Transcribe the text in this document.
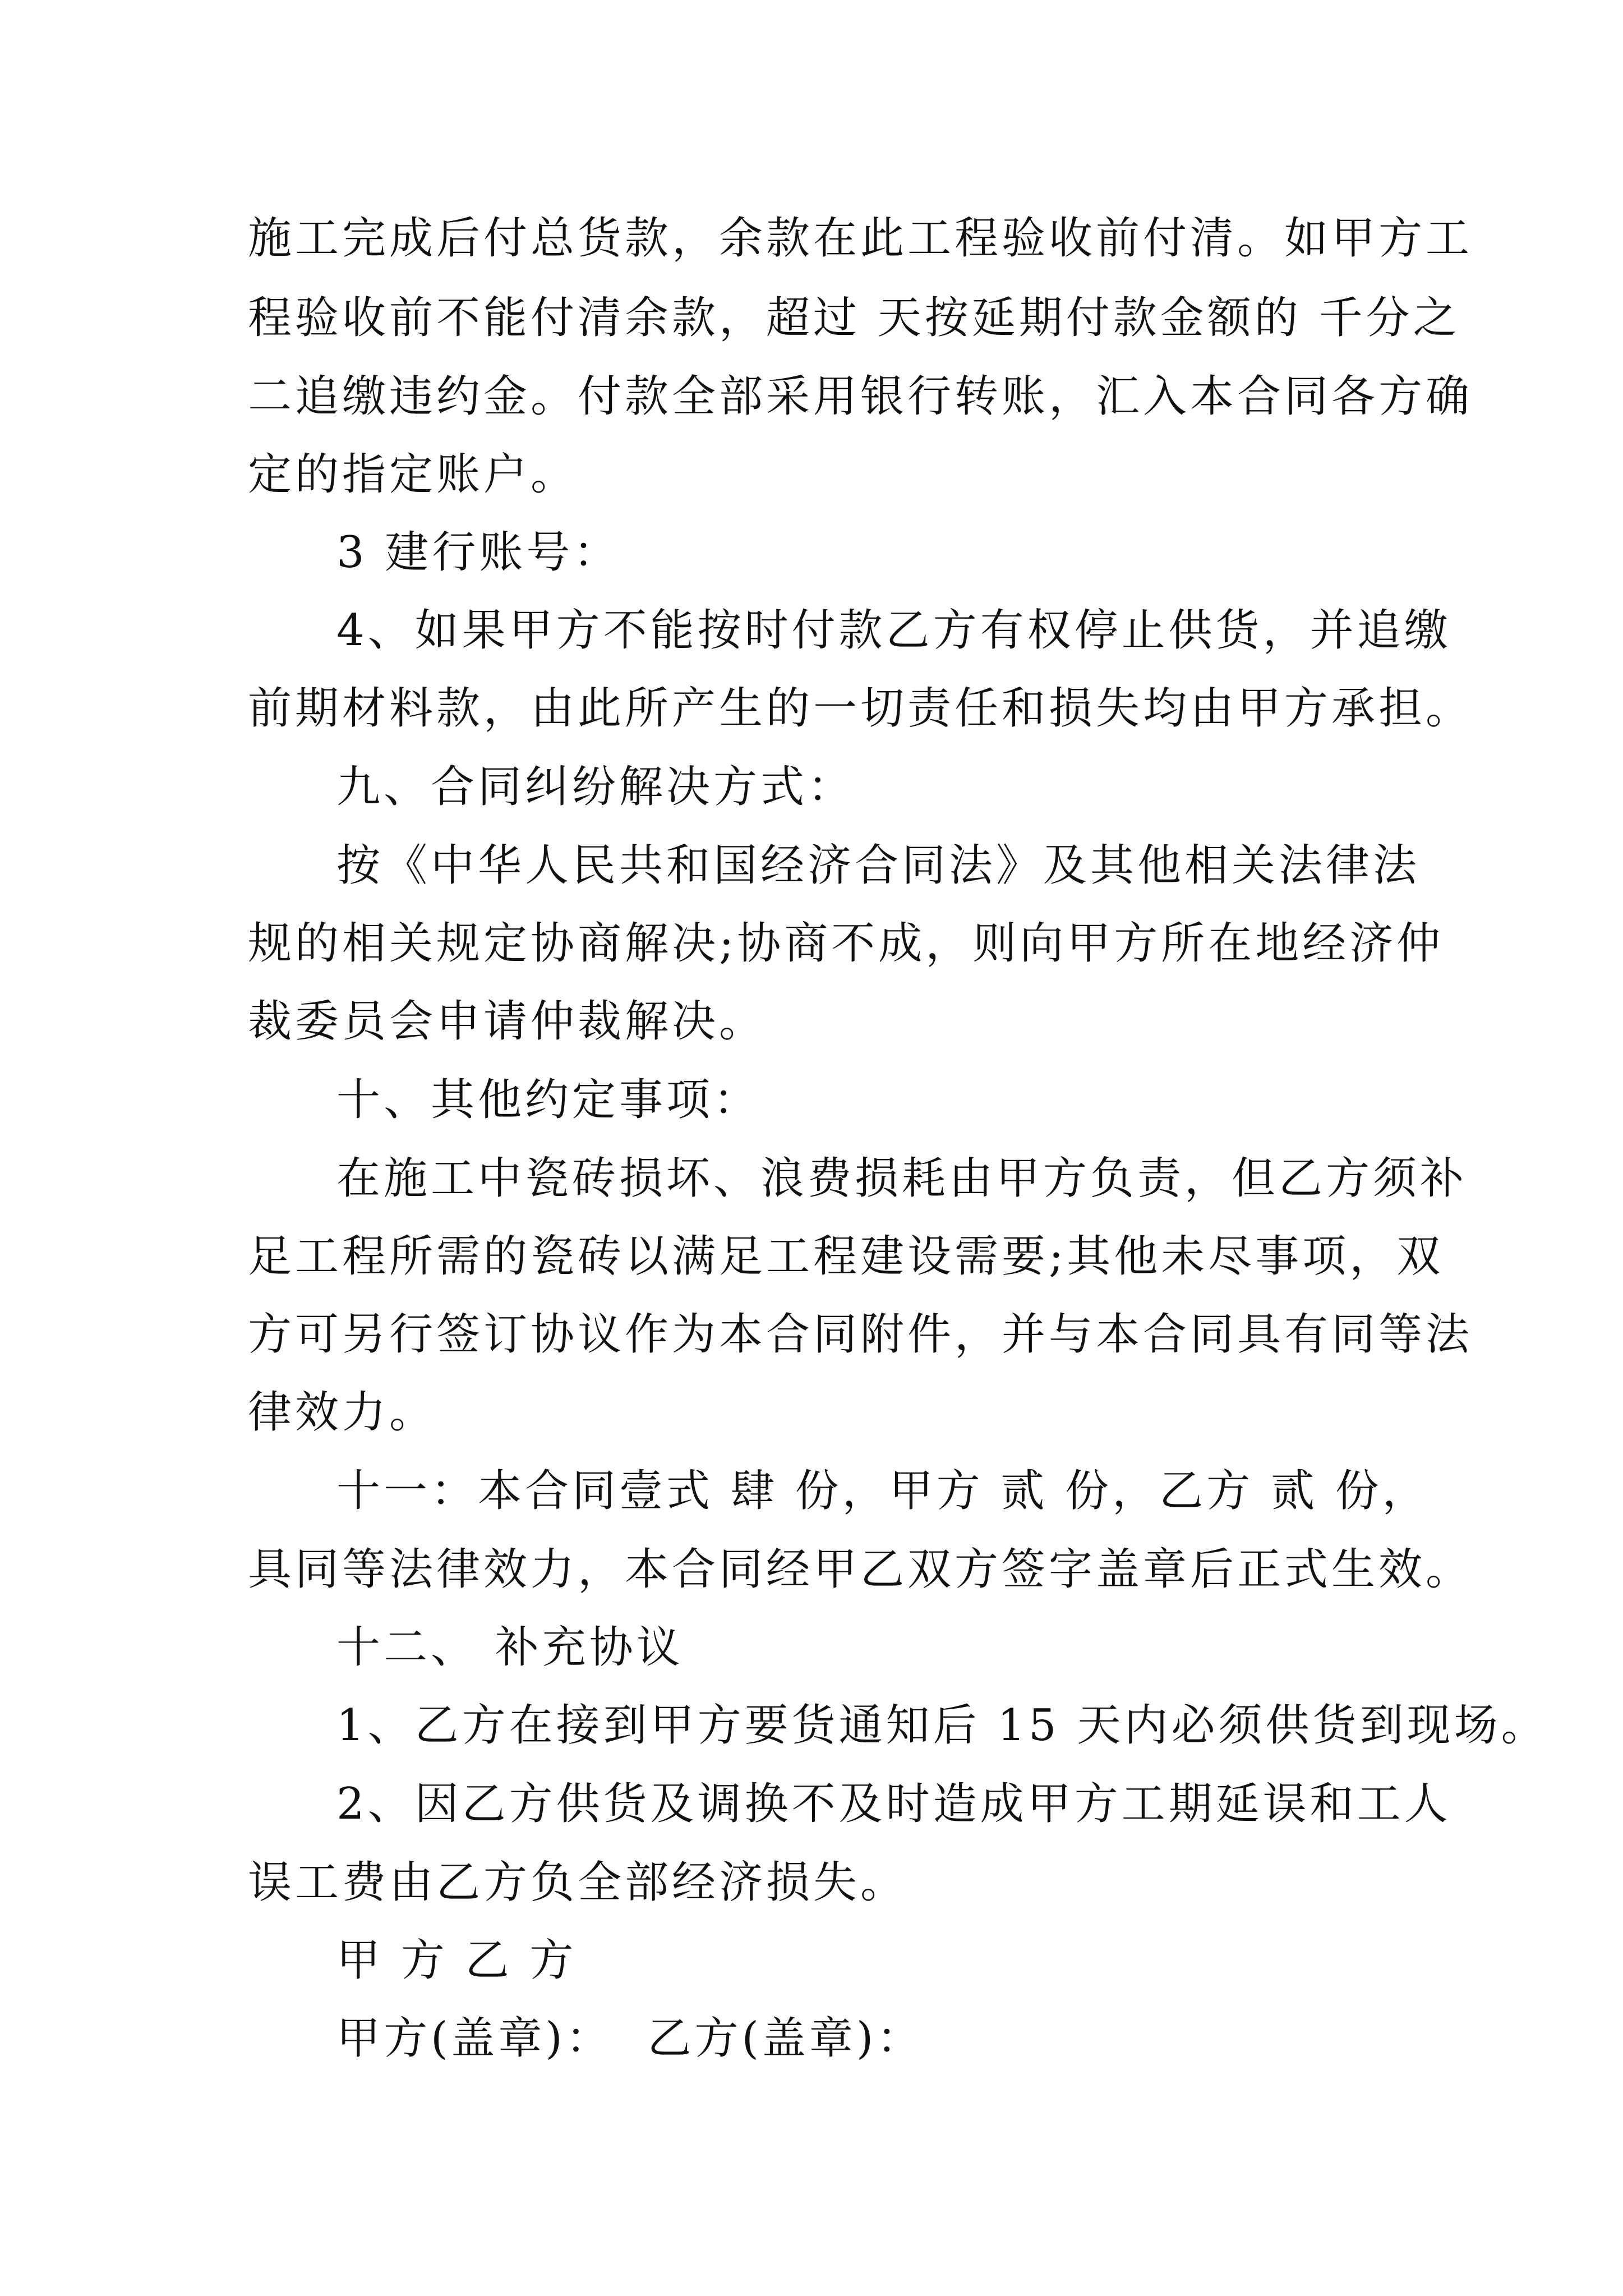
施工完成后付总货款，余款在此工程验收前付清。如甲方工
程验收前不能付清余款，超过 天按延期付款金额的 千分之
二追缴违约金。付款全部采用银行转账，汇入本合同各方确
定的指定账户。
3 建行账号：
4、如果甲方不能按时付款乙方有权停止供货，并追缴
前期材料款，由此所产生的一切责任和损失均由甲方承担。
九、合同纠纷解决方式：
按《中华人民共和国经济合同法》及其他相关法律法
规的相关规定协商解决;协商不成，则向甲方所在地经济仲
裁委员会申请仲裁解决。
十、其他约定事项：
在施工中瓷砖损坏、浪费损耗由甲方负责，但乙方须补
足工程所需的瓷砖以满足工程建设需要;其他未尽事项，双
方可另行签订协议作为本合同附件，并与本合同具有同等法
律效力。
十一：本合同壹式 肆 份，甲方 贰 份，乙方 贰 份，
具同等法律效力，本合同经甲乙双方签字盖章后正式生效。
十二、 补充协议
1、乙方在接到甲方要货通知后 15 天内必须供货到现场。
2、因乙方供货及调换不及时造成甲方工期延误和工人
误工费由乙方负全部经济损失。
甲 方 乙 方
甲方(盖章)：  乙方(盖章)：
